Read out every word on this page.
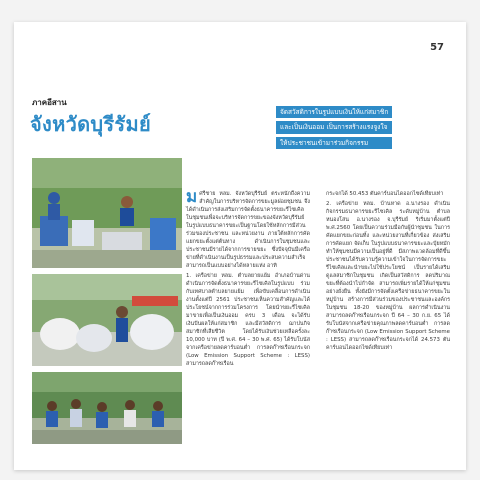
57
ภาคอีสาน
จังหวัดบุรีรัมย์	จัดสวัสดิการในรูปแบบเงินให้แก่สมาชิก
และเป็นเงินออม เป็นการสร้างแรงจูงใจ
ให้ประชาชนเข้ามาร่วมกิจกรรม

มศรีชาย หลม. จังหวัดบุรีรัมย์ ตระหนักถึงความสำคัญในการบริหารจัดการขยะมูลฝอยชุมชน จึงได้ดำเนินการส่งเสริมการจัดตั้งธนาคารขยะรีไซเคิลในชุมชนเพื่อจะบริหารจัดการขยะของจังหวัดบุรีรัมย์ในรูปแบบธนาคารขยะเป็นฐานโดยใช้หลักการมีส่วนร่วมของประชาชน และหน่วยงาน ภายใต้หลักการคัดแยกขยะตั้งแต่ต้นทาง ดำเนินการในชุมชนและประชาชนมีรายได้จากการขายขยะ ซึ่งปัจจุบันมีเครือข่ายที่ดำเนินงานเป็นรูปธรรมและประสบความสำเร็จสามารถเป็นแบบอย่างได้หลายแห่ง อาทิ

1. เครือข่าย หลม. ตำบลยายแย้ม อำเภอบ้านด่าน ดำเนินการจัดตั้งธนาคารขยะรีไซเคิลในรูปแบบ ร่วมกับเทศบาลตำบลยายแย้ม เพื่อขับเคลื่อนการดำเนินงานตั้งแต่ปี 2561 ประชาชนเห็นความสำคัญและได้ประโยชน์จากการร่วมโครงการ โดยนำขยะรีไซเคิลมาขายเพื่อเป็นเงินออม ครบ 3 เดือน จะได้รับเงินปันผลให้แก่สมาชิก และมีสวัสดิการ ฌาปนกิจ สมาชิกที่เสียชีวิต โดยได้รับเงินช่วยเหลือครั้งละ 10,000 บาท (ปี พ.ศ. 64 – 30 พ.ศ. 65) ได้รับโบนัสจากเครือข่ายลดคาร์บอนต่ำ การลดก๊าซเรือนกระจก (Low Emission Support Scheme : LESS) สามารถลดก๊าซเรือน

กระจกได้ 50.453 ตันคาร์บอนไดออกไซด์เทียบเท่า

2. เครือข่าย หลม. บ้านหาด อ.นางรอง ดำเนินกิจกรรมธนาคารขยะรีไซเคิล ระดับหมู่บ้าน ตำบลหนองโสน อ.นางรอง จ.บุรีรัมย์ ริเริ่มมาตั้งแต่ปี พ.ศ.2560 โดยเป็นความร่วมมือกับผู้นำชุมชน ในการคัดแยกขยะก่อนทิ้ง และหน่วยงานที่เกี่ยวข้อง ส่งเสริมการคัดแยก จัดเก็บ ในรูปแบบธนาคารขยะและปุ๋ยหมัก ทำให้ชุมชนมีความเป็นอยู่ที่ดี มีสภาพแวดล้อมที่ดีขึ้น ประชาชนได้รับความรู้ความเข้าใจในการจัดการขยะรีไซเคิลและนำขยะไปใช้ประโยชน์ เป็นรายได้เสริม ดูแลสมาชิกในชุมชน เกิดเป็นสวัสดิการ ลดปริมาณขยะที่ต้องนำไปกำจัด สามารถเพิ่มรายได้ให้แก่ชุมชนอย่างยั่งยืน ทั้งยังมีการจัดตั้งเครือข่ายธนาคารขยะในหมู่บ้าน สร้างการมีส่วนร่วมของประชาชนและองค์กรในชุมชน 18-20 ของหมู่บ้าน ผลการดำเนินงานสามารถลดก๊าซเรือนกระจก ปี 64 – 30 ก.ย. 65 ได้รับโบนัสจากเครือข่ายคุณภาพลดคาร์บอนต่ำ การลดก๊าซเรือนกระจก (Low Emission Support Scheme : LESS) สามารถลดก๊าซเรือนกระจกได้ 24.573 ตันคาร์บอนไดออกไซด์เทียบเท่า
